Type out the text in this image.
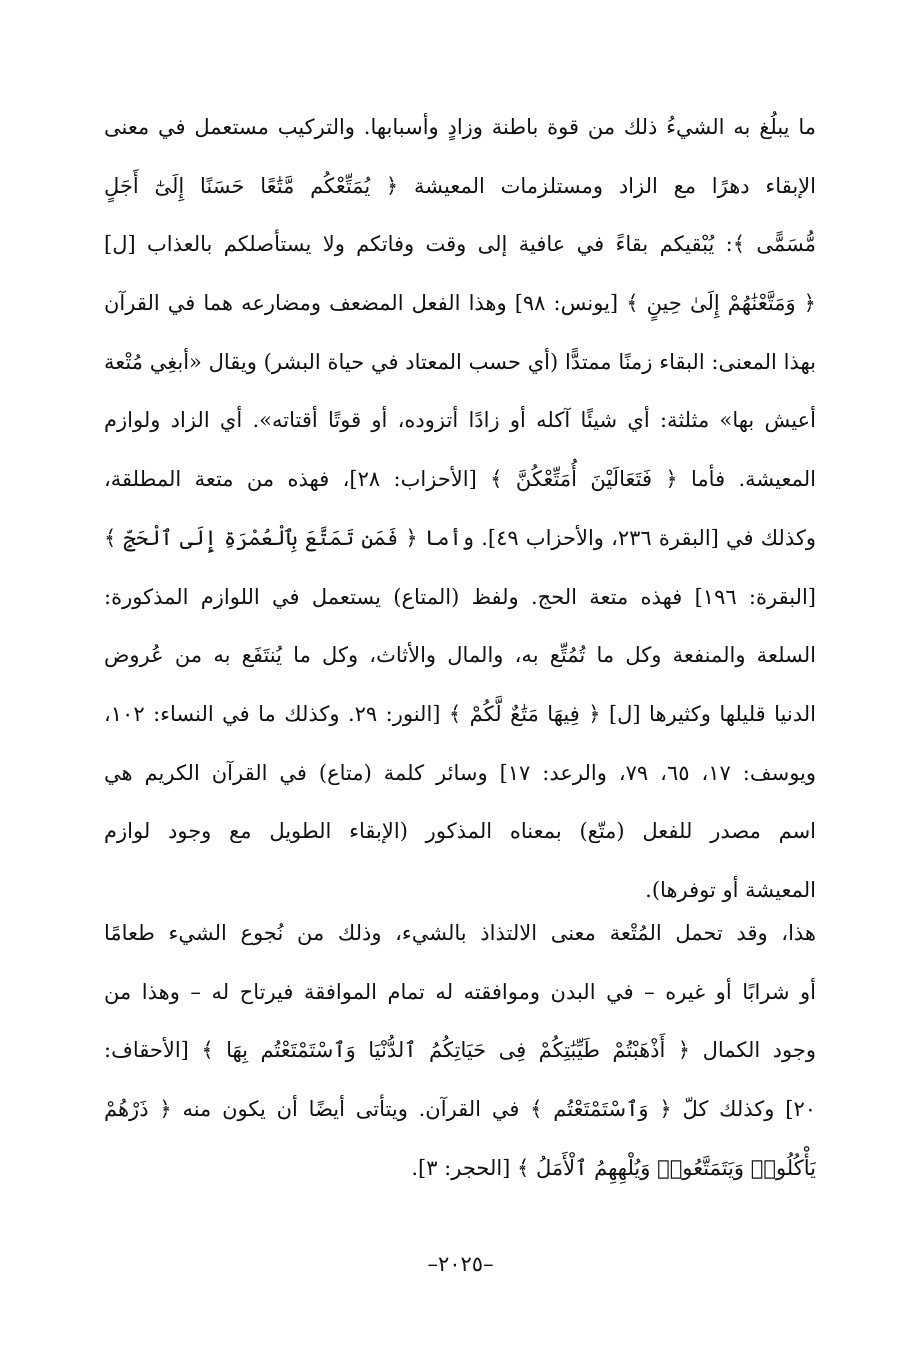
ما يبلُغ به الشيءُ ذلك من قوة باطنة وزادٍ وأسبابها. والتركيب مستعمل في معنى
الإبقاء دهرًا مع الزاد ومستلزمات المعيشة ﴿ يُمَتِّعْكُم مَّتَٰعًا حَسَنًا إِلَىٰٓ أَجَلٍ
مُّسَمًّى ﴾: يُبْقيكم بقاءً في عافية إلى وقت وفاتكم ولا يستأصلكم بالعذاب [ل]
﴿ وَمَتَّعْنَٰهُمْ إِلَىٰ حِينٍ ﴾ [يونس: ٩٨] وهذا الفعل المضعف ومضارعه هما في القرآن
بهذا المعنى: البقاء زمنًا ممتدًّا (أي حسب المعتاد في حياة البشر) ويقال «أبغِي مُتْعة
أعيش بها» مثلثة: أي شيئًا آكله أو زادًا أتزوده، أو قوتًا أقتاته». أي الزاد ولوازم
المعيشة. فأما ﴿ فَتَعَالَيْنَ أُمَتِّعْكُنَّ ﴾ [الأحزاب: ٢٨]، فهذه من متعة المطلقة،
وكذلك في [البقرة ٢٣٦، والأحزاب ٤٩]. وأما ﴿ فَمَن تَمَتَّعَ بِٱلْعُمْرَةِ إِلَى ٱلْحَجِّ ﴾
[البقرة: ١٩٦] فهذه متعة الحج. ولفظ (المتاع) يستعمل في اللوازم المذكورة:
السلعة والمنفعة وكل ما تُمُتِّع به، والمال والأثاث، وكل ما يُنتَفَع به من عُروض
الدنيا قليلها وكثيرها [ل] ﴿ فِيهَا مَتَٰعٌ لَّكُمْ ﴾ [النور: ٢٩. وكذلك ما في النساء: ١٠٢،
ويوسف: ١٧، ٦٥، ٧٩، والرعد: ١٧] وسائر كلمة (متاع) في القرآن الكريم هي
اسم مصدر للفعل (متّع) بمعناه المذكور (الإبقاء الطويل مع وجود لوازم
المعيشة أو توفرها).
هذا، وقد تحمل المُتْعة معنى الالتذاذ بالشيء، وذلك من نُجوع الشيء طعامًا
أو شرابًا أو غيره – في البدن وموافقته له تمام الموافقة فيرتاح له – وهذا من
وجود الكمال ﴿ أَذْهَبْتُمْ طَيِّبَٰتِكُمْ فِى حَيَاتِكُمُ ٱلدُّنْيَا وَٱسْتَمْتَعْتُم بِهَا ﴾ [الأحقاف:
٢٠] وكذلك كلّ ﴿ وَٱسْتَمْتَعْتُم ﴾ في القرآن. ويتأتى أيضًا أن يكون منه ﴿ ذَرْهُمْ
يَأْكُلُوا۟ وَيَتَمَتَّعُوا۟ وَيُلْهِهِمُ ٱلْأَمَلُ ﴾ [الحجر: ٣].
–٢٠٢٥–
